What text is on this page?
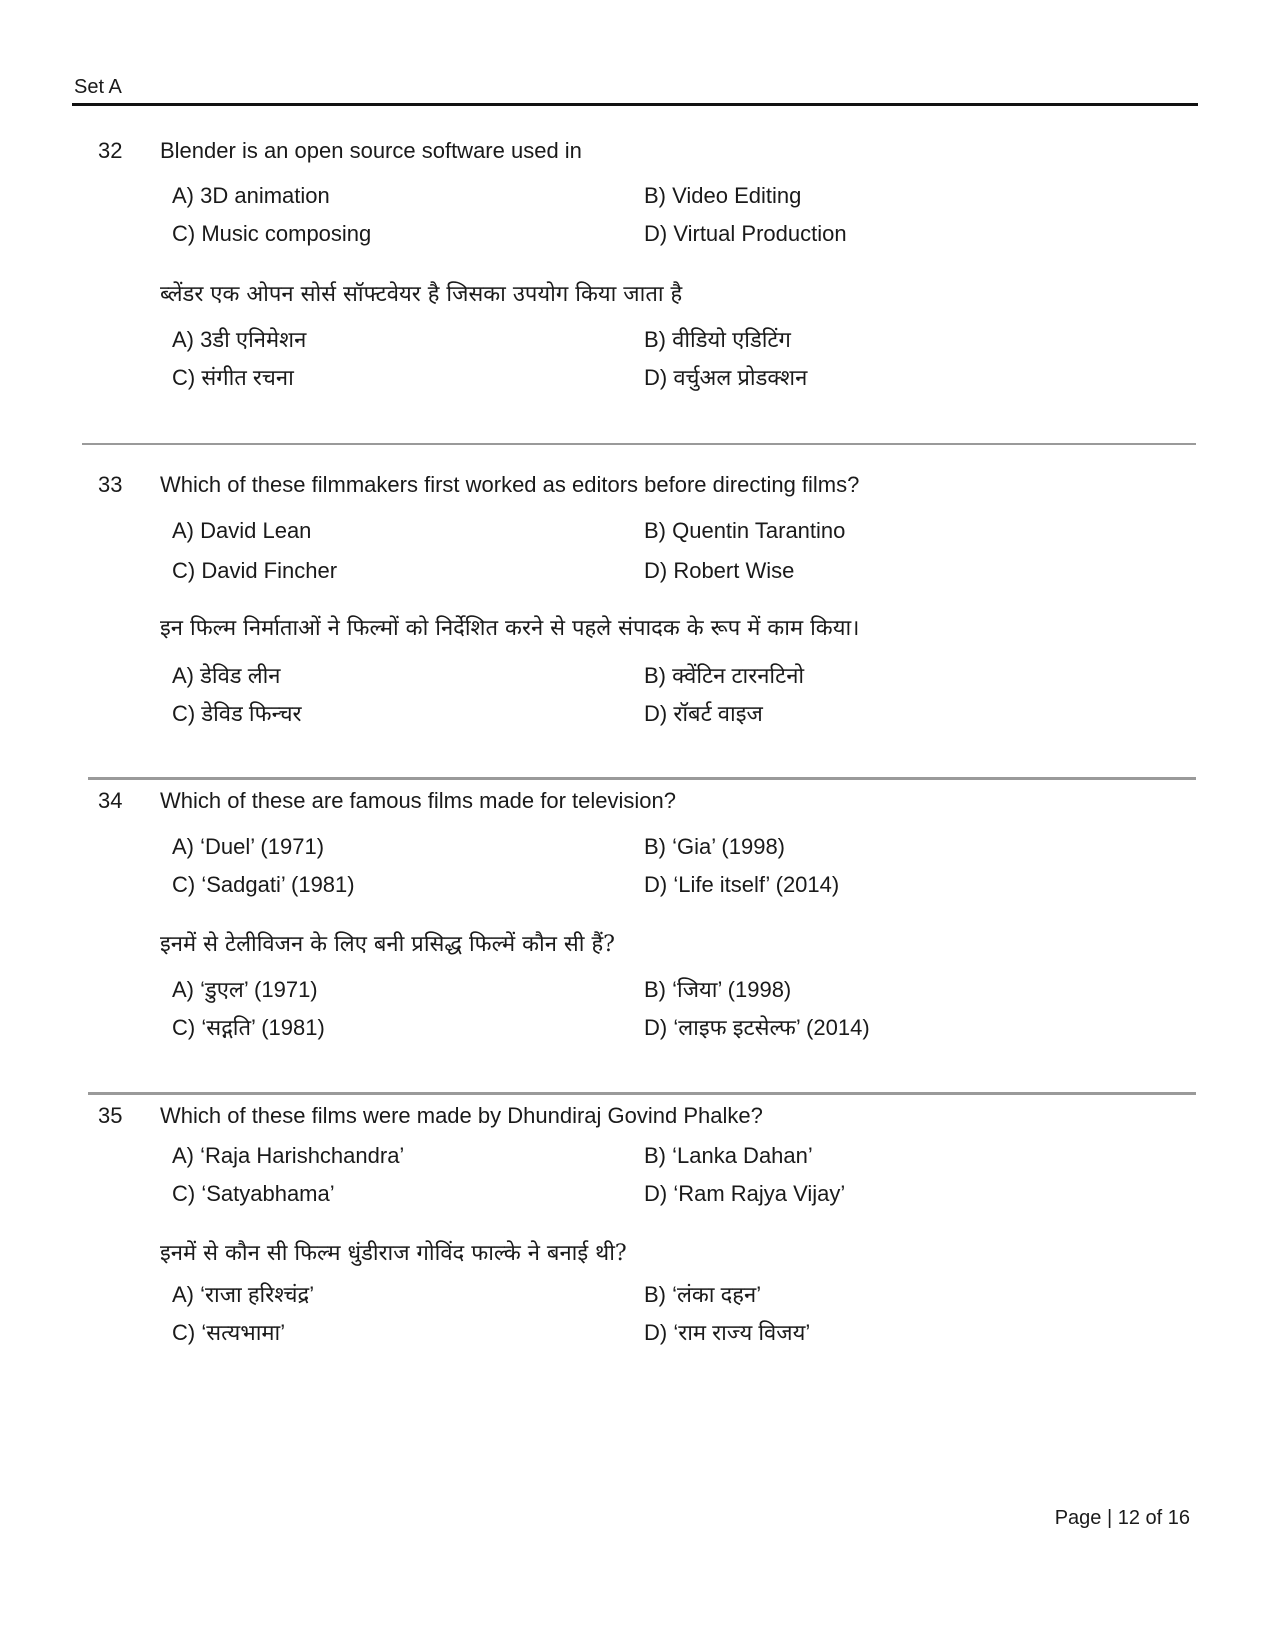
Set A
32 Blender is an open source software used in
A) 3D animation	B) Video Editing
C) Music composing	D) Virtual Production
ब्लेंडर एक ओपन सोर्स सॉफ्टवेयर है जिसका उपयोग किया जाता है
A) 3डी एनिमेशन	B) वीडियो एडिटिंग
C) संगीत रचना	D) वर्चुअल प्रोडक्शन
33 Which of these filmmakers first worked as editors before directing films?
A) David Lean	B) Quentin Tarantino
C) David Fincher	D) Robert Wise
इन फिल्म निर्माताओं ने फिल्मों को निर्देशित करने से पहले संपादक के रूप में काम किया।
A) डेविड लीन	B) क्वेंटिन टारनटिनो
C) डेविड फिन्चर	D) रॉबर्ट वाइज
34 Which of these are famous films made for television?
A) ‘Duel’ (1971)	B) ‘Gia’ (1998)
C) ‘Sadgati’ (1981)	D) ‘Life itself’ (2014)
इनमें से टेलीविजन के लिए बनी प्रसिद्ध फिल्में कौन सी हैं?
A) ‘डुएल’ (1971)	B) ‘जिया’ (1998)
C) ‘सद्गति’ (1981)	D) ‘लाइफ इटसेल्फ’ (2014)
35 Which of these films were made by Dhundiraj Govind Phalke?
A) ‘Raja Harishchandra’	B) ‘Lanka Dahan’
C) ‘Satyabhama’	D) ‘Ram Rajya Vijay’
इनमें से कौन सी फिल्म धुंडीराज गोविंद फाल्के ने बनाई थी?
A) ‘राजा हरिश्चंद्र’	B) ‘लंका दहन’
C) ‘सत्यभामा’	D) ‘राम राज्य विजय’
Page | 12 of 16
